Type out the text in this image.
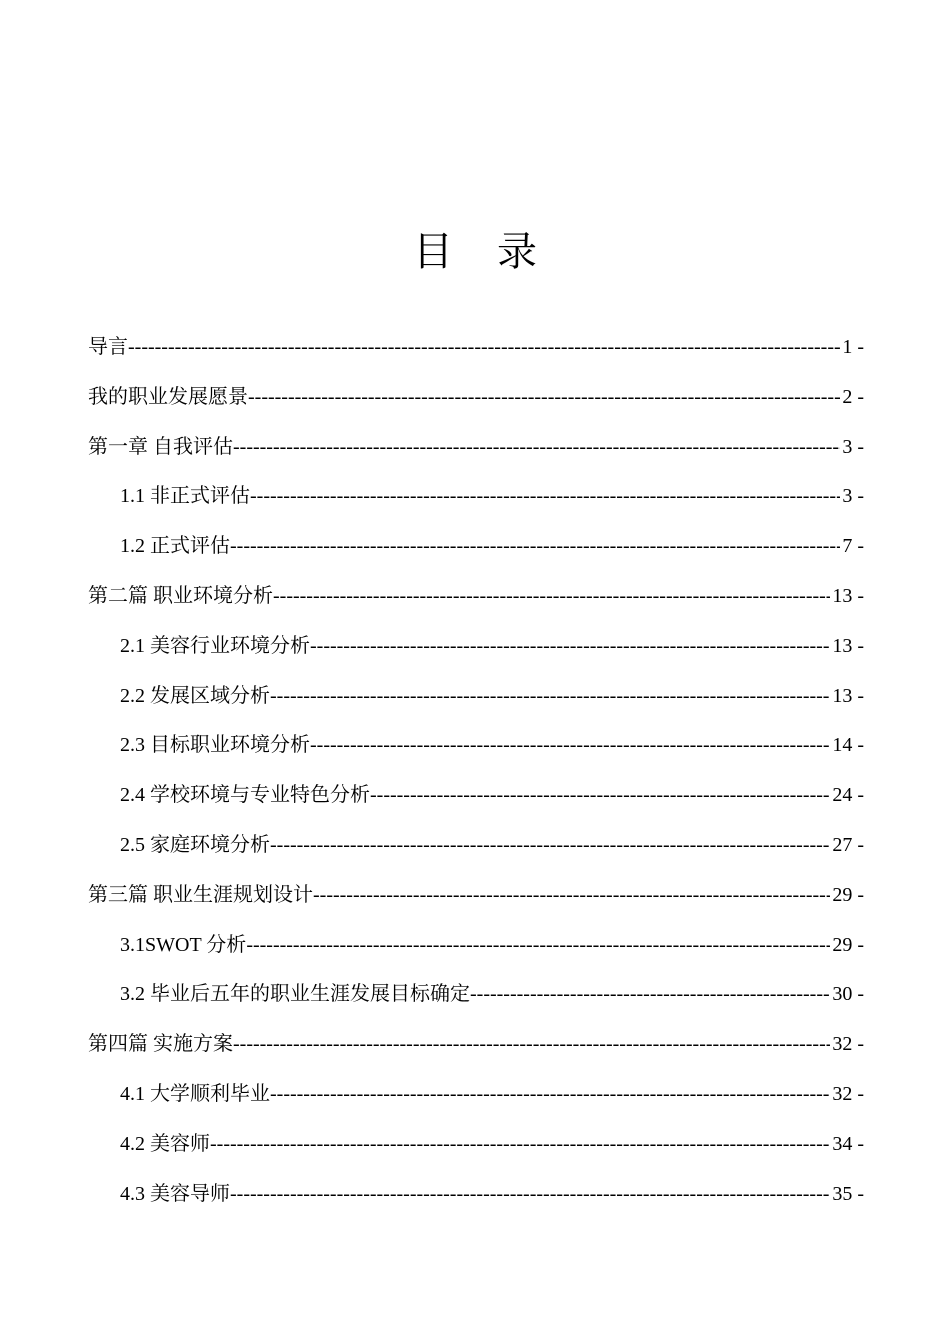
目 录
导言 -----	1 -
我的职业发展愿景 -----	2 -
第一章 自我评估 -----	3 -
1.1 非正式评估 -----	3 -
1.2 正式评估 -----	7 -
第二篇 职业环境分析 -----	13 -
2.1 美容行业环境分析 -----	13 -
2.2 发展区域分析 -----	13 -
2.3 目标职业环境分析 -----	14 -
2.4 学校环境与专业特色分析 -----	24 -
2.5 家庭环境分析 -----	27 -
第三篇 职业生涯规划设计 -----	29 -
3.1SWOT 分析 -----	29 -
3.2 毕业后五年的职业生涯发展目标确定 -----	30 -
第四篇 实施方案 -----	32 -
4.1 大学顺利毕业 -----	32 -
4.2 美容师 -----	34 -
4.3 美容导师 -----	35 -
